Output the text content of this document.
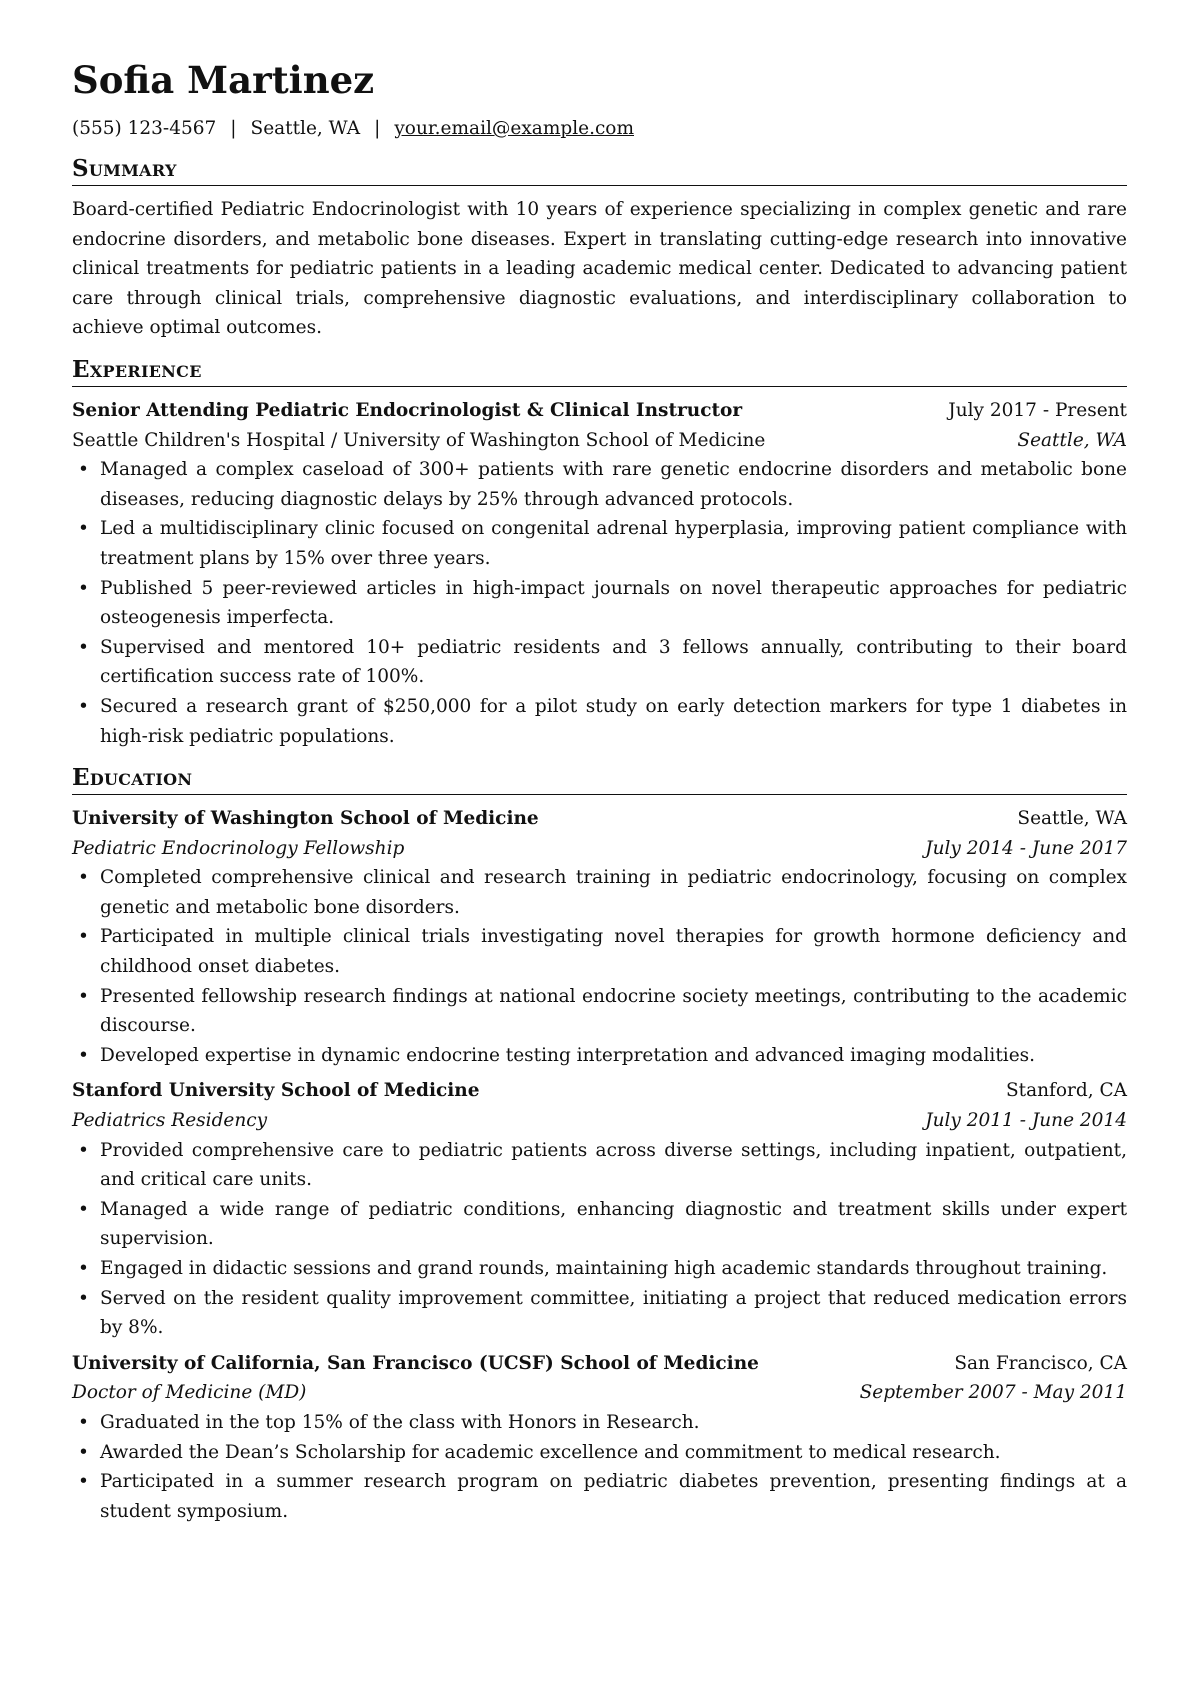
Sofia Martinez
(555) 123-4567 | Seattle, WA | your.email@example.com
Summary
Board-certified Pediatric Endocrinologist with 10 years of experience specializing in complex genetic and rare endocrine disorders, and metabolic bone diseases. Expert in translating cutting-edge research into innovative clinical treatments for pediatric patients in a leading academic medical center. Dedicated to advancing patient care through clinical trials, comprehensive diagnostic evaluations, and interdisciplinary collaboration to achieve optimal outcomes.
Experience
Senior Attending Pediatric Endocrinologist & Clinical Instructor	July 2017 - Present
Seattle Children's Hospital / University of Washington School of Medicine	Seattle, WA
• Managed a complex caseload of 300+ patients with rare genetic endocrine disorders and metabolic bone diseases, reducing diagnostic delays by 25% through advanced protocols.
• Led a multidisciplinary clinic focused on congenital adrenal hyperplasia, improving patient compliance with treatment plans by 15% over three years.
• Published 5 peer-reviewed articles in high-impact journals on novel therapeutic approaches for pediatric osteogenesis imperfecta.
• Supervised and mentored 10+ pediatric residents and 3 fellows annually, contributing to their board certification success rate of 100%.
• Secured a research grant of $250,000 for a pilot study on early detection markers for type 1 diabetes in high-risk pediatric populations.
Education
University of Washington School of Medicine	Seattle, WA
Pediatric Endocrinology Fellowship	July 2014 - June 2017
• Completed comprehensive clinical and research training in pediatric endocrinology, focusing on complex genetic and metabolic bone disorders.
• Participated in multiple clinical trials investigating novel therapies for growth hormone deficiency and childhood onset diabetes.
• Presented fellowship research findings at national endocrine society meetings, contributing to the academic discourse.
• Developed expertise in dynamic endocrine testing interpretation and advanced imaging modalities.
Stanford University School of Medicine	Stanford, CA
Pediatrics Residency	July 2011 - June 2014
• Provided comprehensive care to pediatric patients across diverse settings, including inpatient, outpatient, and critical care units.
• Managed a wide range of pediatric conditions, enhancing diagnostic and treatment skills under expert supervision.
• Engaged in didactic sessions and grand rounds, maintaining high academic standards throughout training.
• Served on the resident quality improvement committee, initiating a project that reduced medication errors by 8%.
University of California, San Francisco (UCSF) School of Medicine	San Francisco, CA
Doctor of Medicine (MD)	September 2007 - May 2011
• Graduated in the top 15% of the class with Honors in Research.
• Awarded the Dean’s Scholarship for academic excellence and commitment to medical research.
• Participated in a summer research program on pediatric diabetes prevention, presenting findings at a student symposium.
